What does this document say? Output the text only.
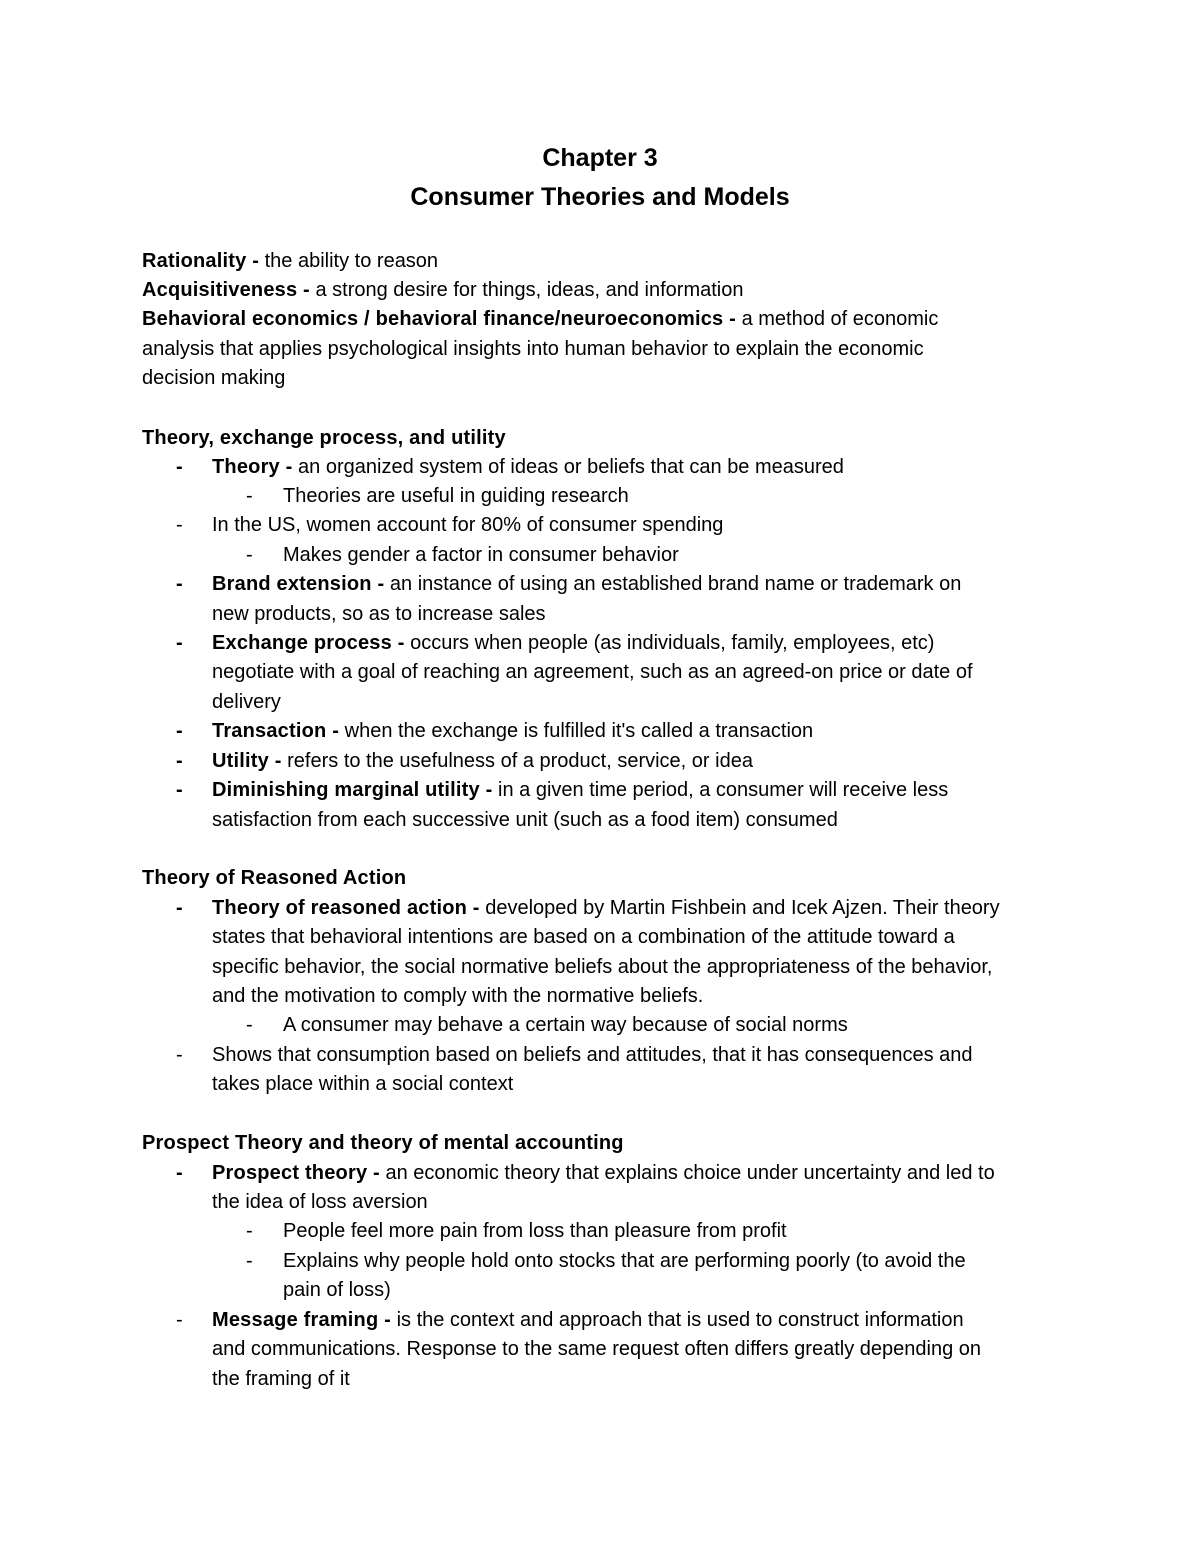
Chapter 3
Consumer Theories and Models
Rationality - the ability to reason
Acquisitiveness - a strong desire for things, ideas, and information
Behavioral economics / behavioral finance/neuroeconomics - a method of economic
analysis that applies psychological insights into human behavior to explain the economic
decision making
Theory, exchange process, and utility
- Theory - an organized system of ideas or beliefs that can be measured
- Theories are useful in guiding research
- In the US, women account for 80% of consumer spending
- Makes gender a factor in consumer behavior
- Brand extension - an instance of using an established brand name or trademark on
new products, so as to increase sales
- Exchange process - occurs when people (as individuals, family, employees, etc)
negotiate with a goal of reaching an agreement, such as an agreed-on price or date of
delivery
- Transaction - when the exchange is fulfilled it's called a transaction
- Utility - refers to the usefulness of a product, service, or idea
- Diminishing marginal utility - in a given time period, a consumer will receive less
satisfaction from each successive unit (such as a food item) consumed
Theory of Reasoned Action
- Theory of reasoned action - developed by Martin Fishbein and Icek Ajzen. Their theory
states that behavioral intentions are based on a combination of the attitude toward a
specific behavior, the social normative beliefs about the appropriateness of the behavior,
and the motivation to comply with the normative beliefs.
- A consumer may behave a certain way because of social norms
- Shows that consumption based on beliefs and attitudes, that it has consequences and
takes place within a social context
Prospect Theory and theory of mental accounting
- Prospect theory - an economic theory that explains choice under uncertainty and led to
the idea of loss aversion
- People feel more pain from loss than pleasure from profit
- Explains why people hold onto stocks that are performing poorly (to avoid the
pain of loss)
- Message framing - is the context and approach that is used to construct information
and communications. Response to the same request often differs greatly depending on
the framing of it
